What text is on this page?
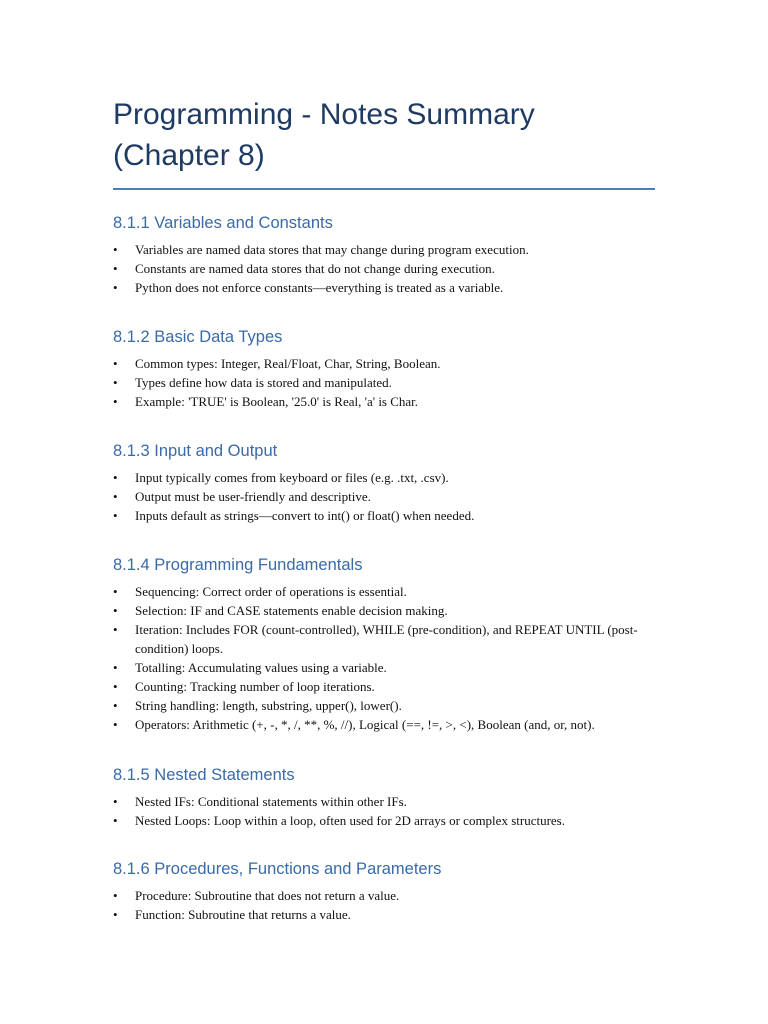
Programming - Notes Summary
(Chapter 8)
8.1.1 Variables and Constants
• Variables are named data stores that may change during program execution.
• Constants are named data stores that do not change during execution.
• Python does not enforce constants—everything is treated as a variable.
8.1.2 Basic Data Types
• Common types: Integer, Real/Float, Char, String, Boolean.
• Types define how data is stored and manipulated.
• Example: 'TRUE' is Boolean, '25.0' is Real, 'a' is Char.
8.1.3 Input and Output
• Input typically comes from keyboard or files (e.g. .txt, .csv).
• Output must be user-friendly and descriptive.
• Inputs default as strings—convert to int() or float() when needed.
8.1.4 Programming Fundamentals
• Sequencing: Correct order of operations is essential.
• Selection: IF and CASE statements enable decision making.
• Iteration: Includes FOR (count-controlled), WHILE (pre-condition), and REPEAT UNTIL (post-condition) loops.
• Totalling: Accumulating values using a variable.
• Counting: Tracking number of loop iterations.
• String handling: length, substring, upper(), lower().
• Operators: Arithmetic (+, -, *, /, **, %, //), Logical (==, !=, >, <), Boolean (and, or, not).
8.1.5 Nested Statements
• Nested IFs: Conditional statements within other IFs.
• Nested Loops: Loop within a loop, often used for 2D arrays or complex structures.
8.1.6 Procedures, Functions and Parameters
• Procedure: Subroutine that does not return a value.
• Function: Subroutine that returns a value.
